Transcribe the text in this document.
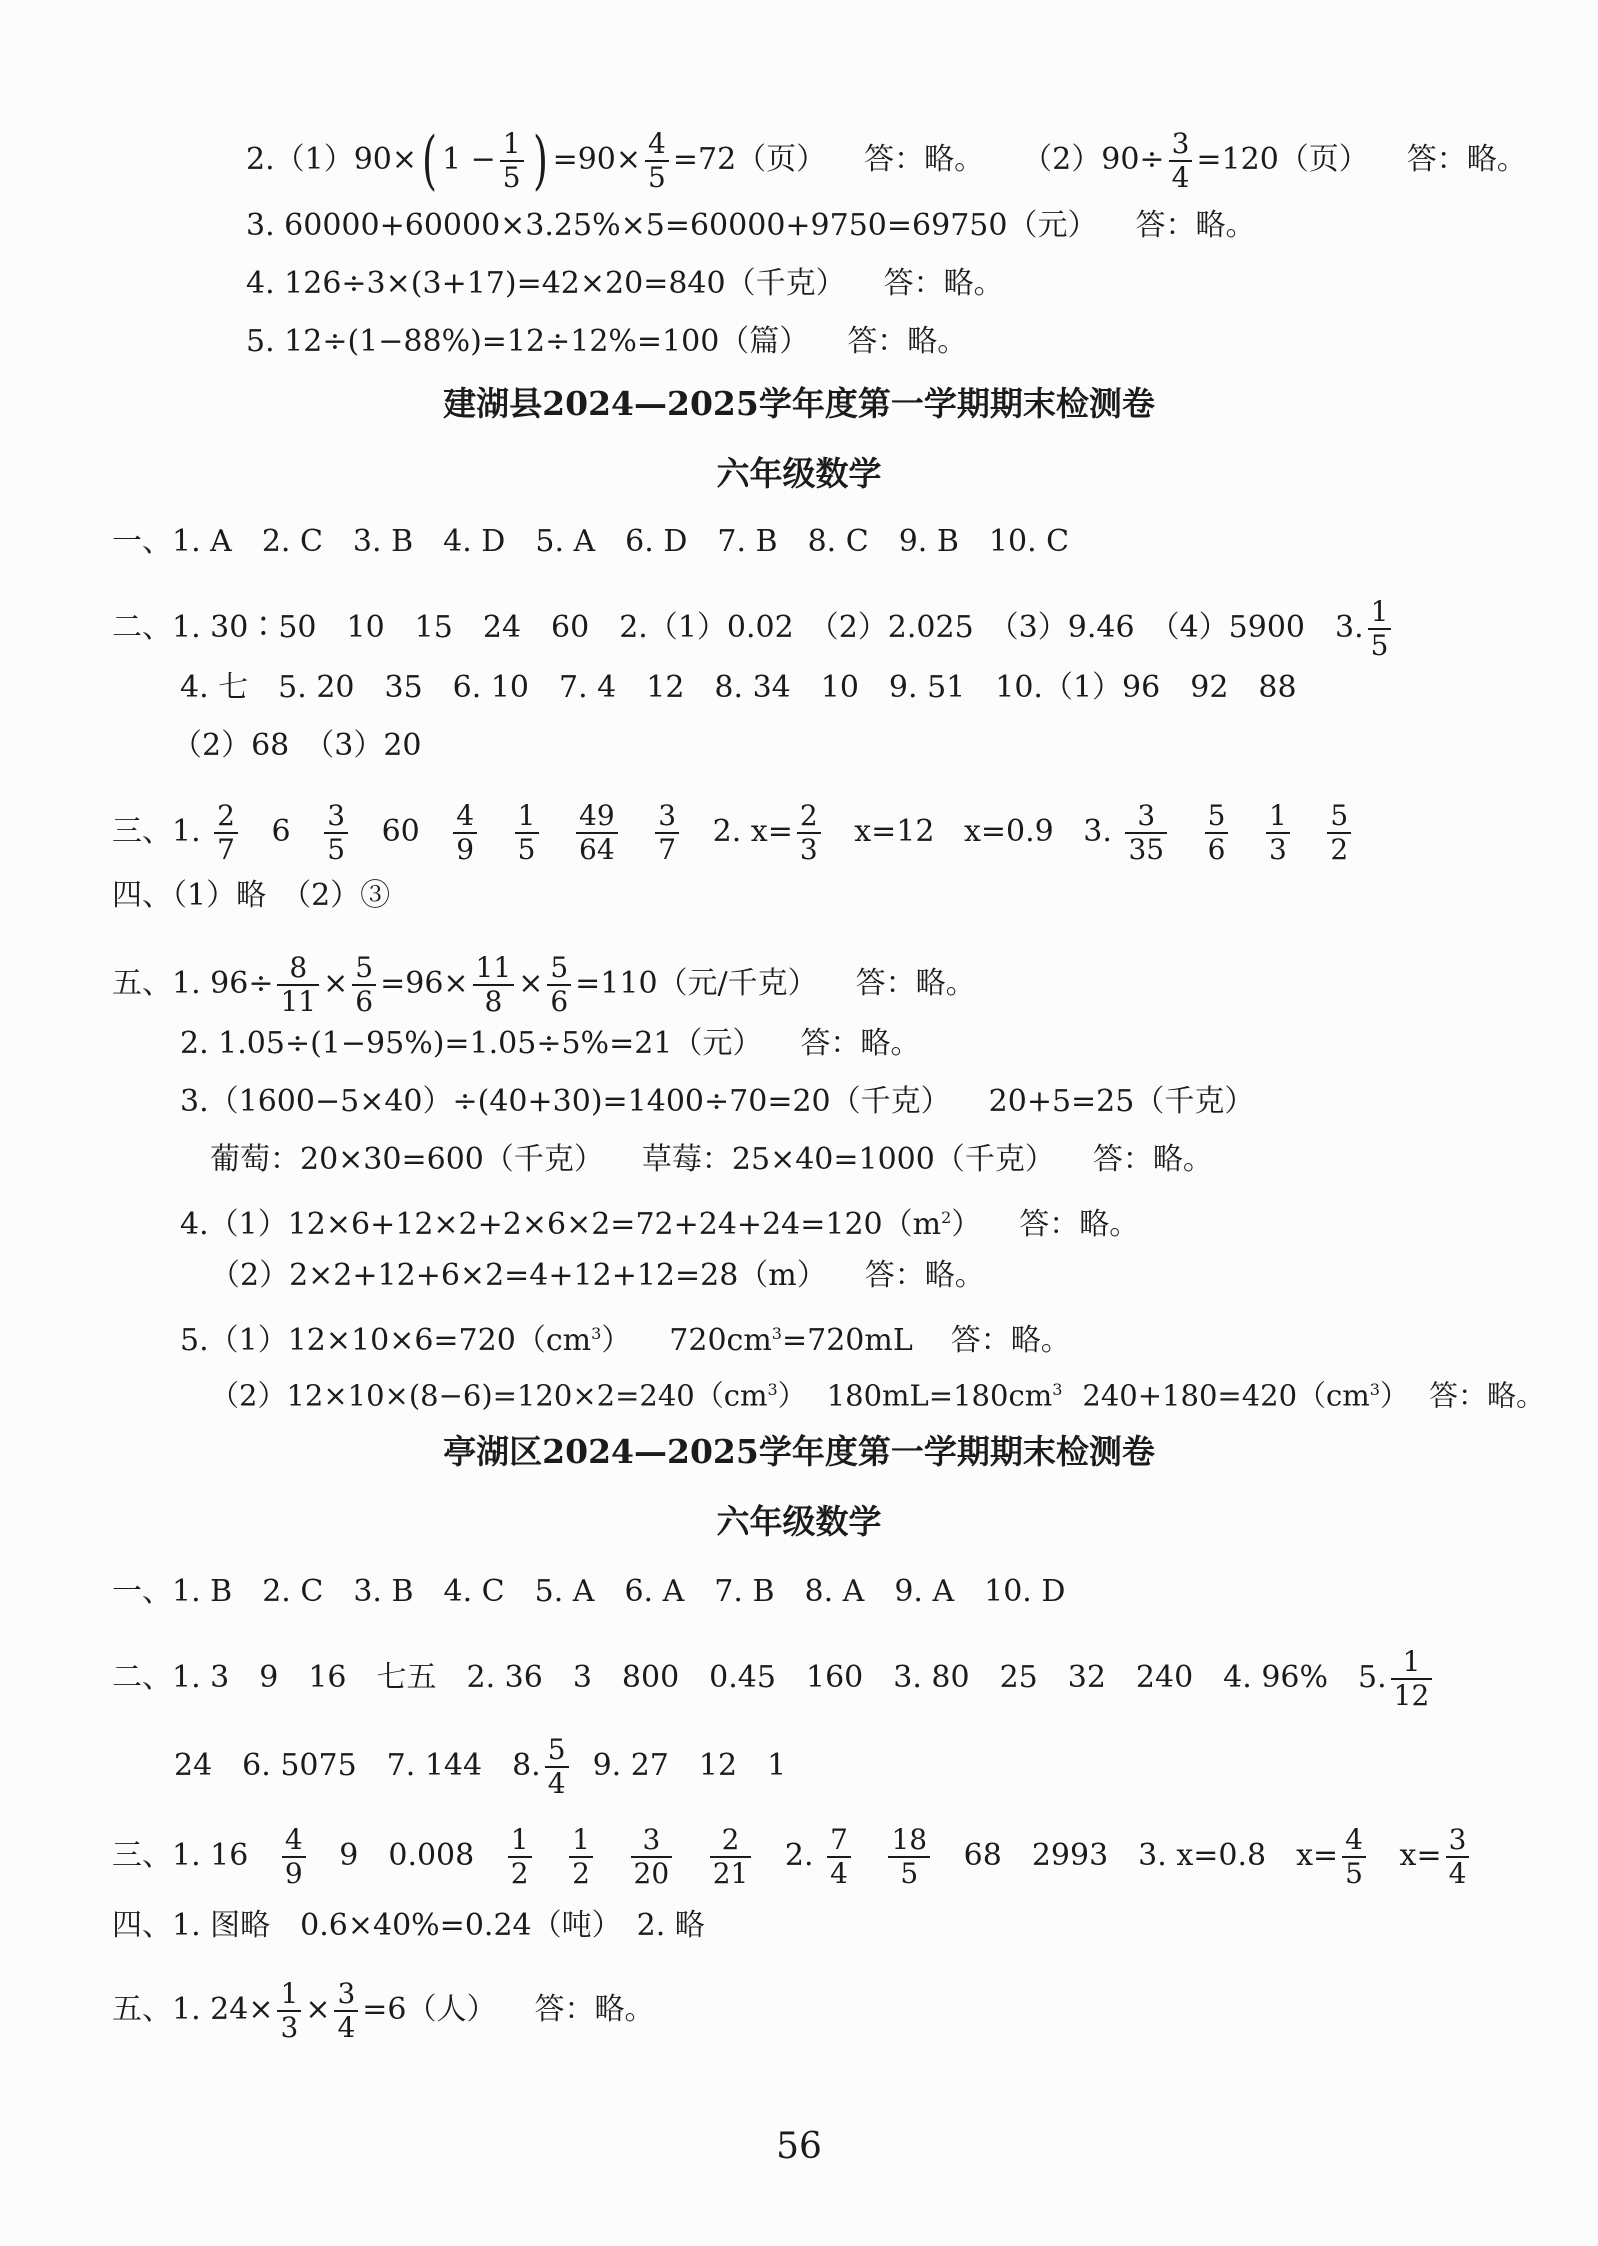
2.（1）90×( $1 - \frac{1}{5}$ ) $=90\times \frac{4}{5} =72$（页） 答：略。 $(2)90\div \frac{3}{4} =120$（页） 答：略。
3. 60000+60000×3.25%×5=60000+9750=69750（元） 答：略。
4. 126÷3×(3+17)=42×20=840（千克） 答：略。
5. 12÷(1−88%)=12÷12%=100（篇） 答：略。
建湖县2024—2025学年度第一学期期末检测卷
六年级数学
一、1. A　2. C　3. B　4. D　5. A　6. D　7. B　8. C　9. B　10. C
二、1. 30∶50　10　15　24　60　2.（1）0.02　（2）2.025　（3）9.46　（4）5900　3. $\frac{1}{5}$
4. 七　5. 20　35　6. 10　7. 4　12　8. 34　10　9. 51　10.（1）96　92　88
（2）68　（3）20
三、1. $\frac{2}{7} 6 \frac{3}{5} 60 \frac{4}{9}$
$\frac{1}{5}$
$\frac{49}{64}$
$\frac{3}{7} 2$. $x= \frac{2}{3} x=12$ x=0.9 3. $\frac{3}{35}$
$\frac{5}{6}$
$\frac{1}{3}$
$\frac{5}{2}$
四、（1）略　（2）③
五、1. $96\div \frac{8}{11} \times \frac{5}{6} =96\times \frac{11}{8} \times \frac{5}{6} =110$（元/千克） 答：略。
2. 1.05÷(1−95%)=1.05÷5%=21（元） 答：略。
3.（1600−5×40）÷(40+30)=1400÷70=20（千克） 20+5=25（千克）
葡萄：20×30=600（千克） 草莓：25×40=1000（千克） 答：略。
$4.(1)12\times 6+12\times 2+2\times 6\times 2=72+24+24=120(m^2)$ 答：略。
（2）2×2+12+6×2=4+12+12=28（m） 答：略。
$5.(1)12\times 10\times 6=720(cm^3)$ $720cm^3=720mL$ 答：略。
$(2)12\times 10\times(8-6)=120\times 2=240(cm^3)$ $180mL=180cm^3$ $240+180=420(cm^3)$ 答：略。
亭湖区2024—2025学年度第一学期期末检测卷
六年级数学
一、1. B　2. C　3. B　4. C　5. A　6. A　7. B　8. A　9. A　10. D
二、1. 3　9　16　七五　2. 36　3　800　0.45　160　3. 80　25　32　240　4. 96%　5. $\frac{1}{12}$
24　6. 5075　7. 144　8. $\frac{5}{4} 9$. 27　12　1
三、1. $16 \frac{4}{9} 9$　$0.008 \frac{1}{2}$
$\frac{1}{2}$
$\frac{3}{20}$
$\frac{2}{21} 2$. $\frac{7}{4}$
$\frac{18}{5} 68$　2993　3. x=0.8　$x= \frac{4}{5} x= \frac{3}{4}$
四、1. 图略　0.6×40%=0.24（吨）　2. 略
五、1. $24\times \frac{1}{3} \times \frac{3}{4} =6$（人） 答：略。
56
